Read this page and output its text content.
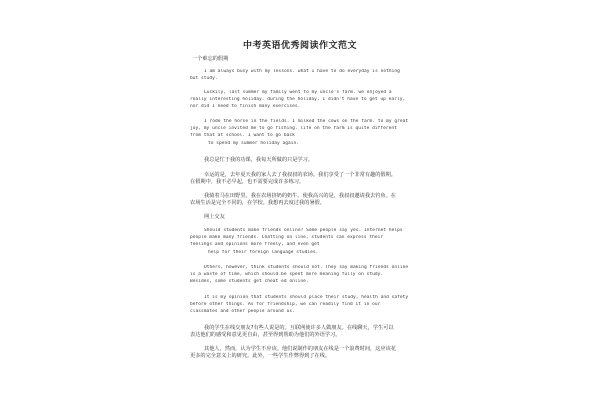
中考英语优秀阅读作文范文
一个难忘的假期
I am always busy with my lessons. what I have to do everyday is nothing
but study.
Luckily, last summer my family went to my uncle's farm. we enjoyed a
really interesting holiday. during the holiday, I didn't have to get up early,
nor did I need to finish many exercises.
I rode the horse in the fields. I milked the cows on the farm. to my great
joy, my uncle invited me to go fishing. life on the farm is quite different
from that at school. I want to go back
to spend my summer holiday again.
我总是忙于我的功课，我每天所做的只是学习。
幸运的是，去年夏天我的家人去了我叔叔的农场。我们享受了一个非常有趣的假期。
在假期中，我不必早起，也不需要完成许多练习。
我骑着马在田野里。我在农场挤奶的奶牛。使我高兴的是，我叔叔邀请我去钓鱼。在
农场生活是完全不同的，在学校。我想再去度过我的暑假。
网上交友
Should students make friends online? Some people say yes. Internet helps
people make many friends. Chatting on line, students can express their
feelings and opinions more freely, and even get
help for their foreign language studies.
Others, however, think students should not. They say making friends online
is a waste of time, which should be spent more meaning fully on study.
Besides, some students get cheat ed online.
It is my opinion that students should place their study, health and safety
before other things. As for friendship, we can readily find it in our
classmates and other people around us.
我的学生在线交朋友?有些人说是的。互联网使许多人做朋友。在线聊天，学生可以
表达他们的感受和意见更自由，甚至得到帮助为他们的外语学习。
其他人，然而，认为学生不应该。他们说制作的朋友在线是一个浪费时间，这应该花
更多的完全意义上的研究。此外，一些学生作弊得到了在线。
